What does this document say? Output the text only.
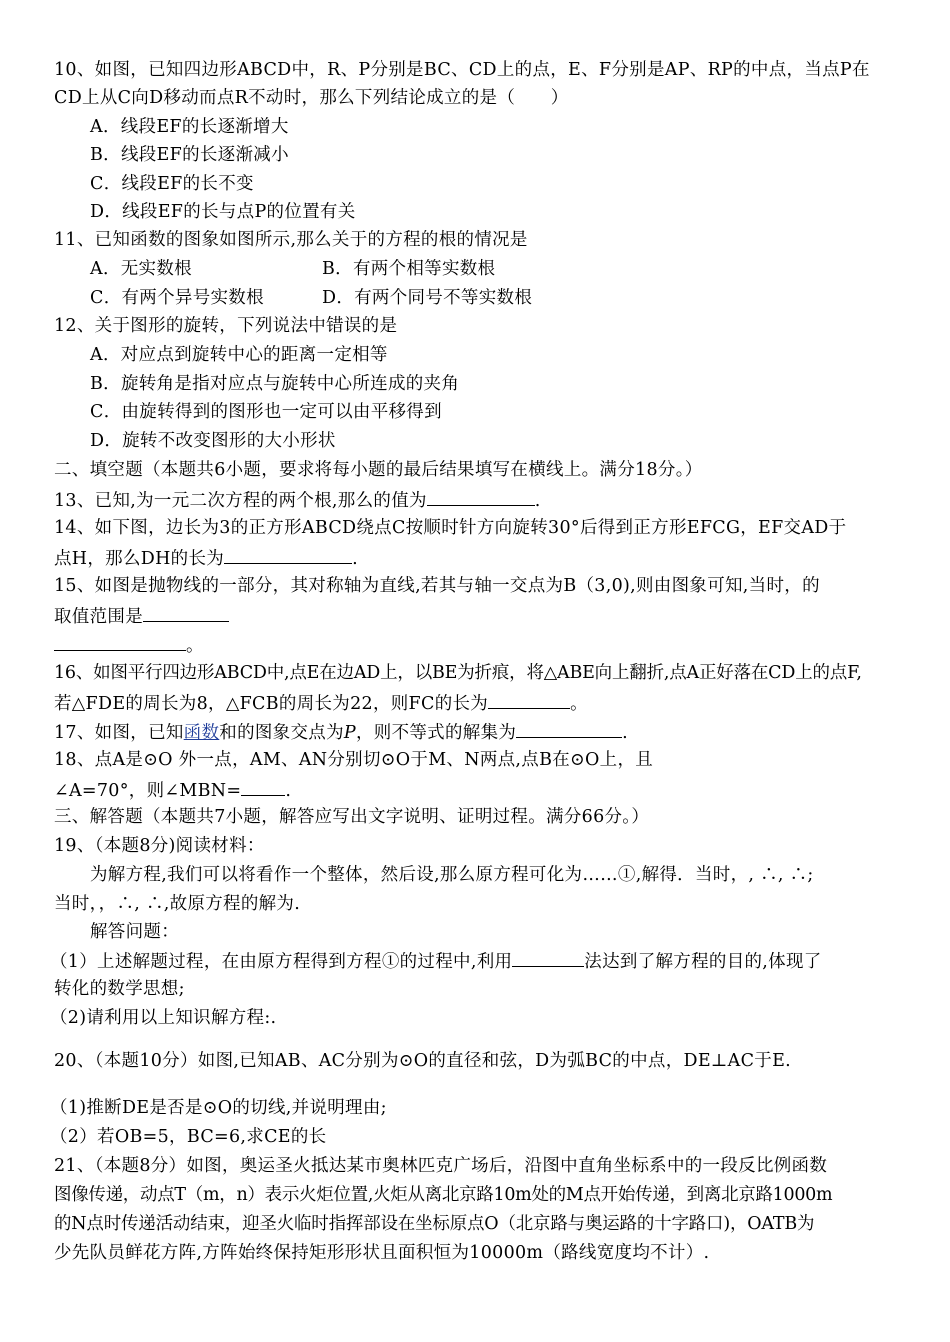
10、如图，已知四边形ABCD中，R、P分别是BC、CD上的点，E、F分别是AP、RP的中点，当点P在
CD上从C向D移动而点R不动时，那么下列结论成立的是（　　）
A．线段EF的长逐渐增大
B．线段EF的长逐渐减小
C．线段EF的长不变
D．线段EF的长与点P的位置有关
11、已知函数的图象如图所示,那么关于的方程的根的情况是
A．无实数根	B．有两个相等实数根
C．有两个异号实数根	D．有两个同号不等实数根
12、关于图形的旋转，下列说法中错误的是
A．对应点到旋转中心的距离一定相等
B．旋转角是指对应点与旋转中心所连成的夹角
C．由旋转得到的图形也一定可以由平移得到
D．旋转不改变图形的大小形状
二、填空题（本题共6小题，要求将每小题的最后结果填写在横线上。满分18分。）
13、已知,为一元二次方程的两个根,那么的值为	.
14、如下图，边长为3的正方形ABCD绕点C按顺时针方向旋转30°后得到正方形EFCG，EF交AD于
点H，那么DH的长为	.
15、如图是抛物线的一部分，其对称轴为直线,若其与轴一交点为B（3,0),则由图象可知,当时，的
取值范围是
。
16、如图平行四边形ABCD中,点E在边AD上，以BE为折痕，将△ABE向上翻折,点A正好落在CD上的点F,
若△FDE的周长为8，△FCB的周长为22，则FC的长为	。
17、如图，已知函数和的图象交点为P，则不等式的解集为	.
18、点A是⊙O 外一点，AM、AN分别切⊙O于M、N两点,点B在⊙O上，且
∠A=70°，则∠MBN=	.
三、解答题（本题共7小题，解答应写出文字说明、证明过程。满分66分。）
19、（本题8分)阅读材料：
为解方程,我们可以将看作一个整体，然后设,那么原方程可化为……①,解得．当时，, ∴, ∴;
当时，，∴, ∴,故原方程的解为.
解答问题：
（1）上述解题过程，在由原方程得到方程①的过程中,利用	法达到了解方程的目的,体现了
转化的数学思想;
（2)请利用以上知识解方程:.
20、（本题10分）如图,已知AB、AC分别为⊙O的直径和弦，D为弧BC的中点，DE⊥AC于E.
（1)推断DE是否是⊙O的切线,并说明理由;
（2）若OB=5，BC=6,求CE的长
21、（本题8分）如图，奥运圣火抵达某市奥林匹克广场后，沿图中直角坐标系中的一段反比例函数
图像传递，动点T（m，n）表示火炬位置,火炬从离北京路10m处的M点开始传递，到离北京路1000m
的N点时传递活动结束，迎圣火临时指挥部设在坐标原点O（北京路与奥运路的十字路口)，OATB为
少先队员鲜花方阵,方阵始终保持矩形形状且面积恒为10000m（路线宽度均不计）.
